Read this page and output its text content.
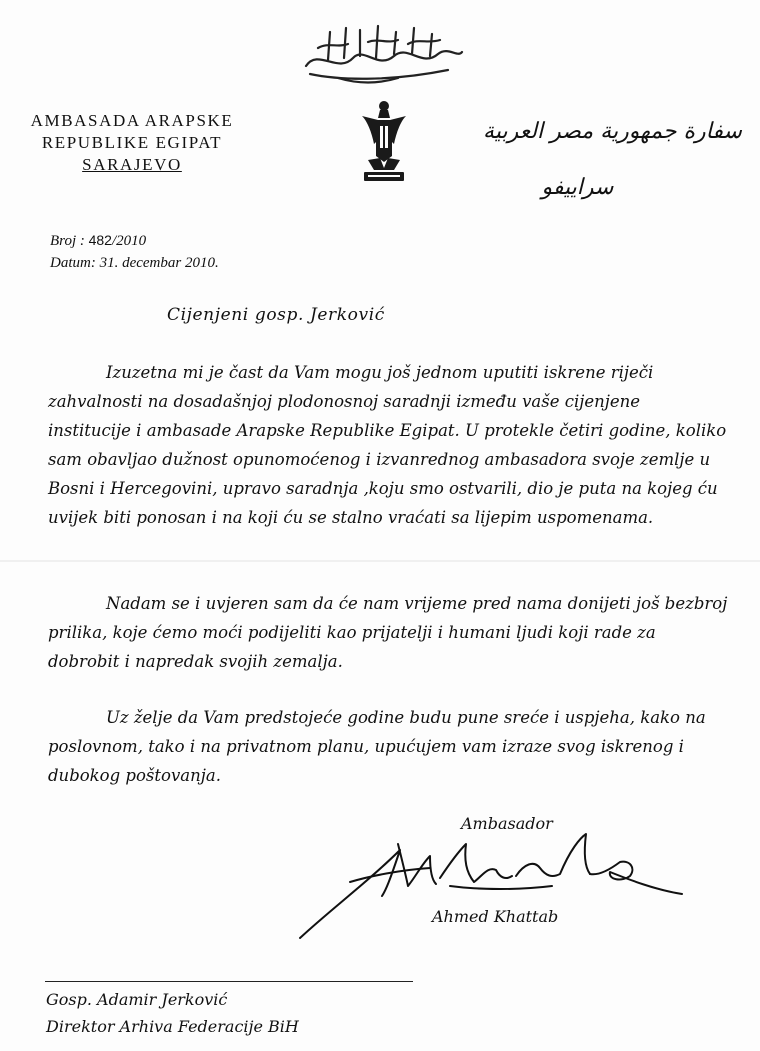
AMBASADA ARAPSKE
REPUBLIKE EGIPAT
SARAJEVO
سفارة جمهورية مصر العربية
سراييفو
Broj : 482/2010
Datum: 31. decembar 2010.
Cijenjeni gosp. Jerković

Izuzetna mi je čast da Vam mogu još jednom uputiti iskrene riječi zahvalnosti na dosadašnjoj plodonosnoj saradnji između vaše cijenjene institucije i ambasade Arapske Republike Egipat. U protekle četiri godine, koliko sam obavljao dužnost opunomoćenog i izvanrednog ambasadora svoje zemlje u Bosni i Hercegovini, upravo saradnja ,koju smo ostvarili, dio je puta na kojeg ću uvijek biti ponosan i na koji ću se stalno vraćati sa lijepim uspomenama.

Nadam se i uvjeren sam da će nam vrijeme pred nama donijeti još bezbroj prilika, koje ćemo moći podijeliti kao prijatelji i humani ljudi koji rade za dobrobit i napredak svojih zemalja.

Uz želje da Vam predstojeće godine budu pune sreće i uspjeha, kako na poslovnom, tako i na privatnom planu, upućujem vam izraze svog iskrenog i dubokog poštovanja.

Ambasador
Ahmed Khattab
Gosp. Adamir Jerković
Direktor Arhiva Federacije BiH
